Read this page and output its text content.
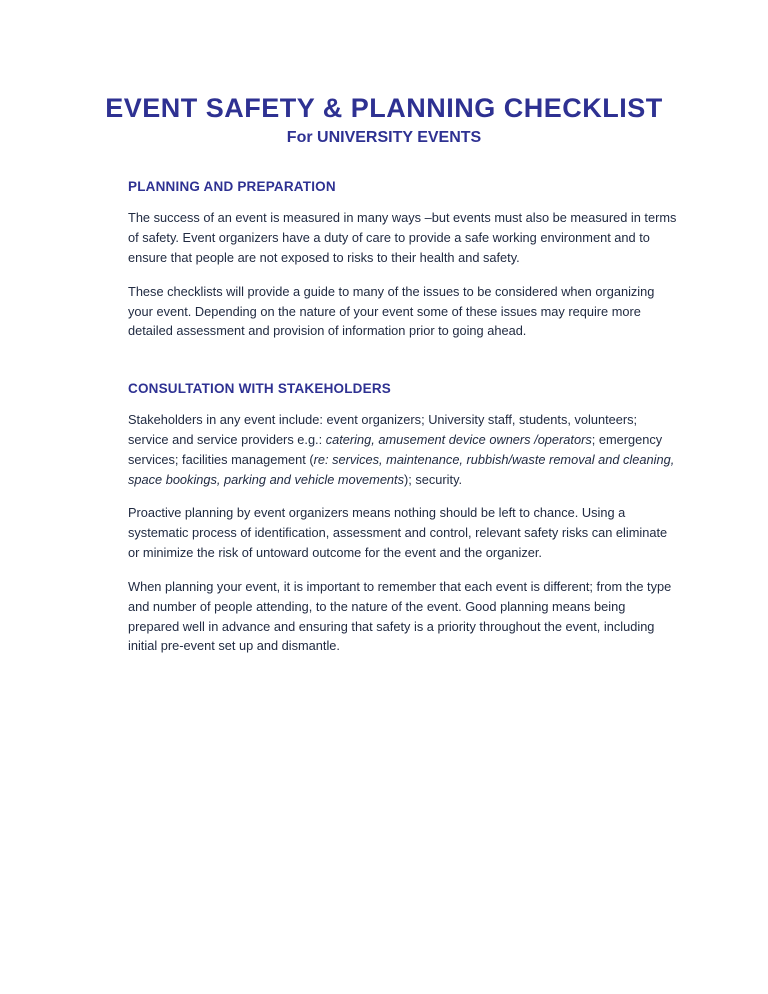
EVENT SAFETY & PLANNING CHECKLIST
For UNIVERSITY EVENTS
PLANNING AND PREPARATION

The success of an event is measured in many ways –but events must also be measured in terms of safety. Event organizers have a duty of care to provide a safe working environment and to ensure that people are not exposed to risks to their health and safety.

These checklists will provide a guide to many of the issues to be considered when organizing your event. Depending on the nature of your event some of these issues may require more detailed assessment and provision of information prior to going ahead.

CONSULTATION WITH STAKEHOLDERS

Stakeholders in any event include: event organizers; University staff, students, volunteers; service and service providers e.g.: catering, amusement device owners /operators; emergency services; facilities management (re: services, maintenance, rubbish/waste removal and cleaning, space bookings, parking and vehicle movements); security.

Proactive planning by event organizers means nothing should be left to chance. Using a systematic process of identification, assessment and control, relevant safety risks can eliminate or minimize the risk of untoward outcome for the event and the organizer.

When planning your event, it is important to remember that each event is different; from the type and number of people attending, to the nature of the event. Good planning means being prepared well in advance and ensuring that safety is a priority throughout the event, including initial pre-event set up and dismantle.
